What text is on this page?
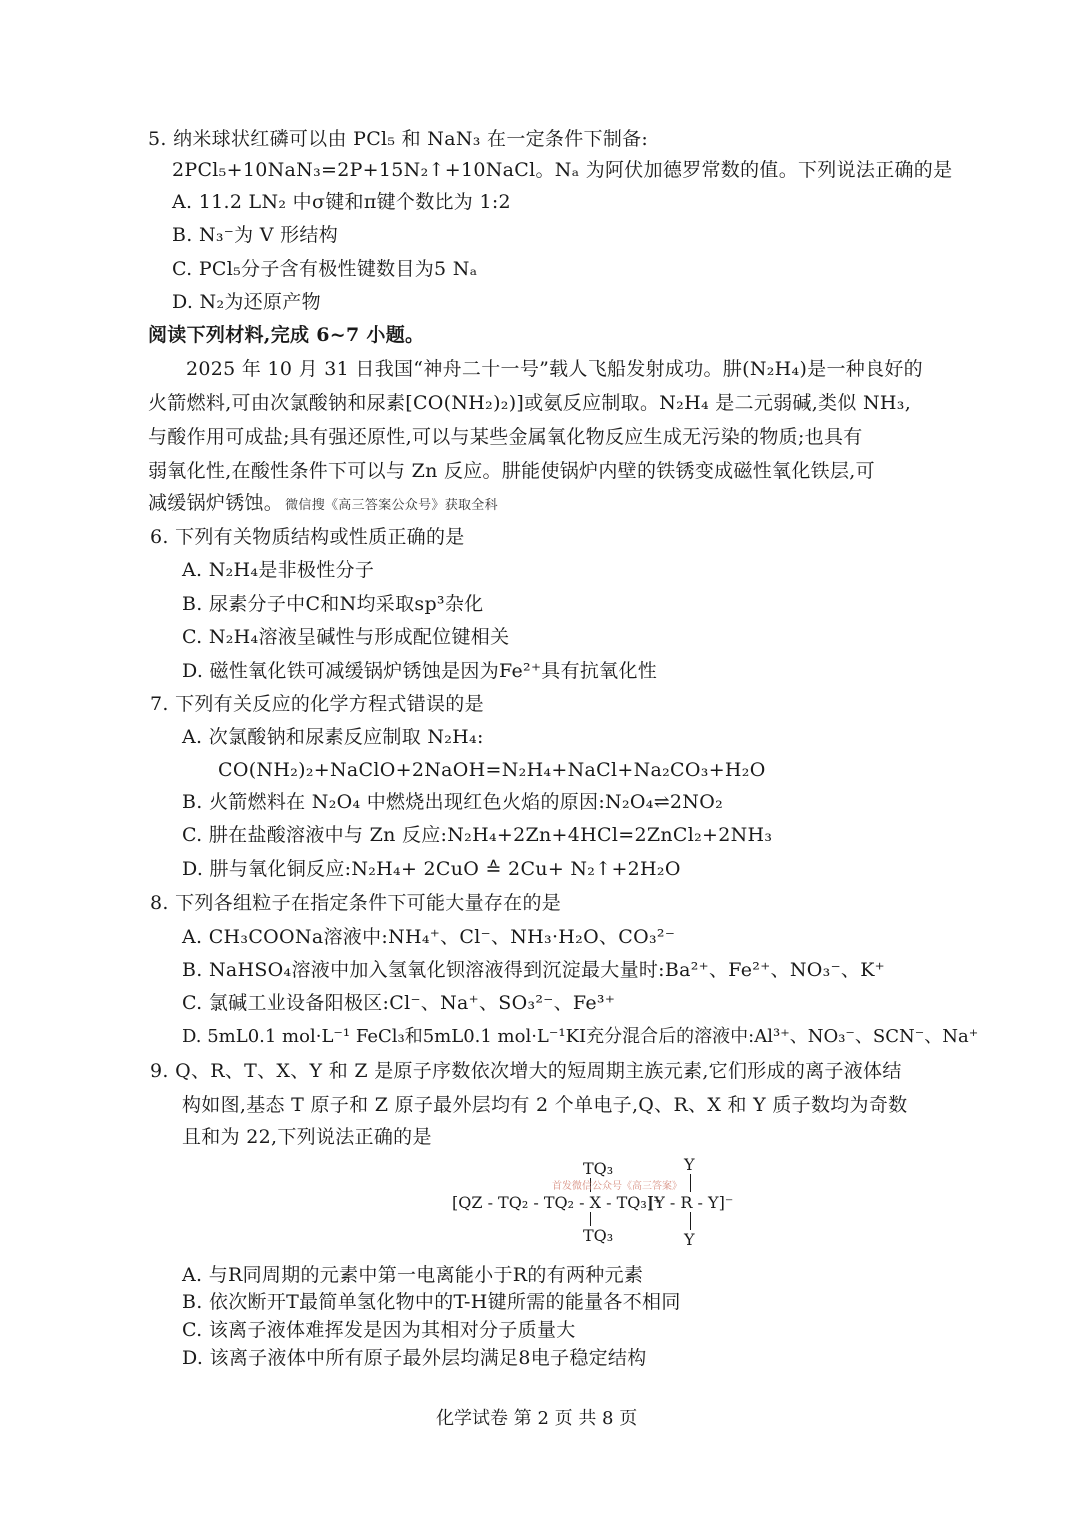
5. 纳米球状红磷可以由 PCl₅ 和 NaN₃ 在一定条件下制备:
2PCl₅+10NaN₃=2P+15N₂↑+10NaCl。Nₐ 为阿伏加德罗常数的值。下列说法正确的是
A. 11.2 LN₂ 中σ键和π键个数比为 1:2
B. N₃⁻为 V 形结构
C. PCl₅分子含有极性键数目为5 Nₐ
D. N₂为还原产物
阅读下列材料,完成 6~7 小题。
2025 年 10 月 31 日我国“神舟二十一号”载人飞船发射成功。肼(N₂H₄)是一种良好的
火箭燃料,可由次氯酸钠和尿素[CO(NH₂)₂)]或氨反应制取。N₂H₄ 是二元弱碱,类似 NH₃,
与酸作用可成盐;具有强还原性,可以与某些金属氧化物反应生成无污染的物质;也具有
弱氧化性,在酸性条件下可以与 Zn 反应。肼能使锅炉内壁的铁锈变成磁性氧化铁层,可
减缓锅炉锈蚀。 微信搜《高三答案公众号》获取全科
6. 下列有关物质结构或性质正确的是
A. N₂H₄是非极性分子
B. 尿素分子中C和N均采取sp³杂化
C. N₂H₄溶液呈碱性与形成配位键相关
D. 磁性氧化铁可减缓锅炉锈蚀是因为Fe²⁺具有抗氧化性
7. 下列有关反应的化学方程式错误的是
A. 次氯酸钠和尿素反应制取 N₂H₄:
CO(NH₂)₂+NaClO+2NaOH=N₂H₄+NaCl+Na₂CO₃+H₂O
B. 火箭燃料在 N₂O₄ 中燃烧出现红色火焰的原因:N₂O₄⇌2NO₂
C. 肼在盐酸溶液中与 Zn 反应:N₂H₄+2Zn+4HCl=2ZnCl₂+2NH₃
D. 肼与氧化铜反应:N₂H₄+ 2CuO ≙ 2Cu+ N₂↑+2H₂O
8. 下列各组粒子在指定条件下可能大量存在的是
A. CH₃COONa溶液中:NH₄⁺、Cl⁻、NH₃·H₂O、CO₃²⁻
B. NaHSO₄溶液中加入氢氧化钡溶液得到沉淀最大量时:Ba²⁺、Fe²⁺、NO₃⁻、K⁺
C. 氯碱工业设备阳极区:Cl⁻、Na⁺、SO₃²⁻、Fe³⁺
D. 5mL0.1 mol·L⁻¹ FeCl₃和5mL0.1 mol·L⁻¹KI充分混合后的溶液中:Al³⁺、NO₃⁻、SCN⁻、Na⁺
9. Q、R、T、X、Y 和 Z 是原子序数依次增大的短周期主族元素,它们形成的离子液体结
构如图,基态 T 原子和 Z 原子最外层均有 2 个单电子,Q、R、X 和 Y 质子数均为奇数
且和为 22,下列说法正确的是
TQ₃	Y
首发微信公众号《高三答案》
[QZ - TQ₂ - TQ₂ - X - TQ₃]⁺
[Y - R - Y]⁻
TQ₃	Y
A. 与R同周期的元素中第一电离能小于R的有两种元素
B. 依次断开T最简单氢化物中的T-H键所需的能量各不相同
C. 该离子液体难挥发是因为其相对分子质量大
D. 该离子液体中所有原子最外层均满足8电子稳定结构
化学试卷 第 2 页 共 8 页
